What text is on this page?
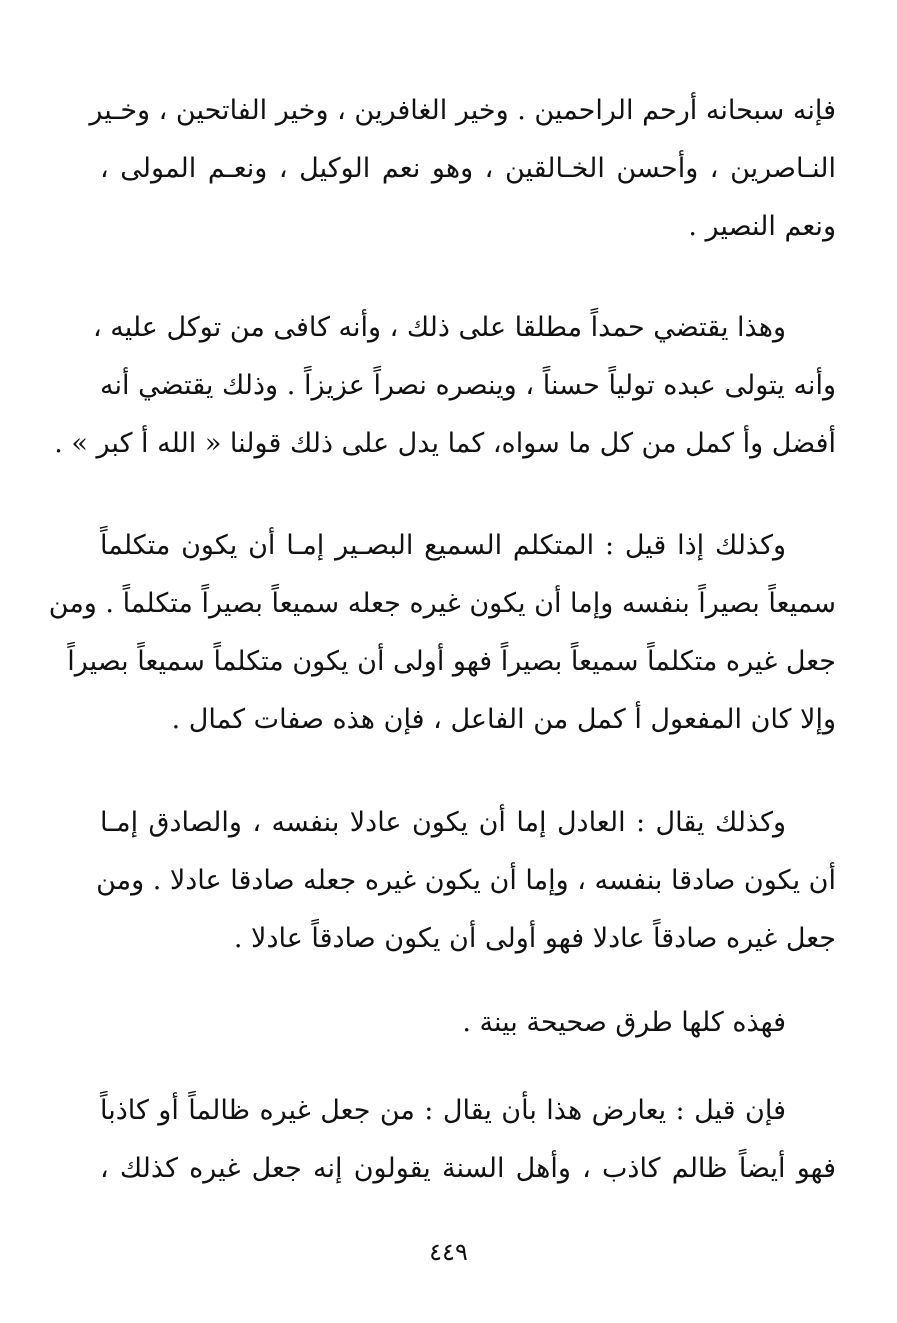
فإنه سبحانه أرحم الراحمين . وخير الغافرين ، وخير الفاتحين ، وخـير
النـاصرين ، وأحسن الخـالقين ، وهو نعم الوكيل ، ونعـم المولى ،
ونعم النصير .
وهذا يقتضي حمداً مطلقا على ذلك ، وأنه كافى من توكل عليه ،
وأنه يتولى عبده تولياً حسناً ، وينصره نصراً عزيزاً . وذلك يقتضي أنه
أفضل وأ كمل من كل ما سواه، كما يدل على ذلك قولنا « الله أ كبر » .
وكذلك إذا قيل : المتكلم السميع البصـير إمـا أن يكون متكلماً
سميعاً بصيراً بنفسه وإما أن يكون غيره جعله سميعاً بصيراً متكلماً . ومن
جعل غيره متكلماً سميعاً بصيراً فهو أولى أن يكون متكلماً سميعاً بصيراً
وإلا كان المفعول أ كمل من الفاعل ، فإن هذه صفات كمال .
وكذلك يقال : العادل إما أن يكون عادلا بنفسه ، والصادق إمـا
أن يكون صادقا بنفسه ، وإما أن يكون غيره جعله صادقا عادلا . ومن
جعل غيره صادقاً عادلا فهو أولى أن يكون صادقاً عادلا .
فهذه كلها طرق صحيحة بينة .
فإن قيل : يعارض هذا بأن يقال : من جعل غيره ظالماً أو كاذباً
فهو أيضاً ظالم كاذب ، وأهل السنة يقولون إنه جعل غيره كذلك ،
٤٤٩
